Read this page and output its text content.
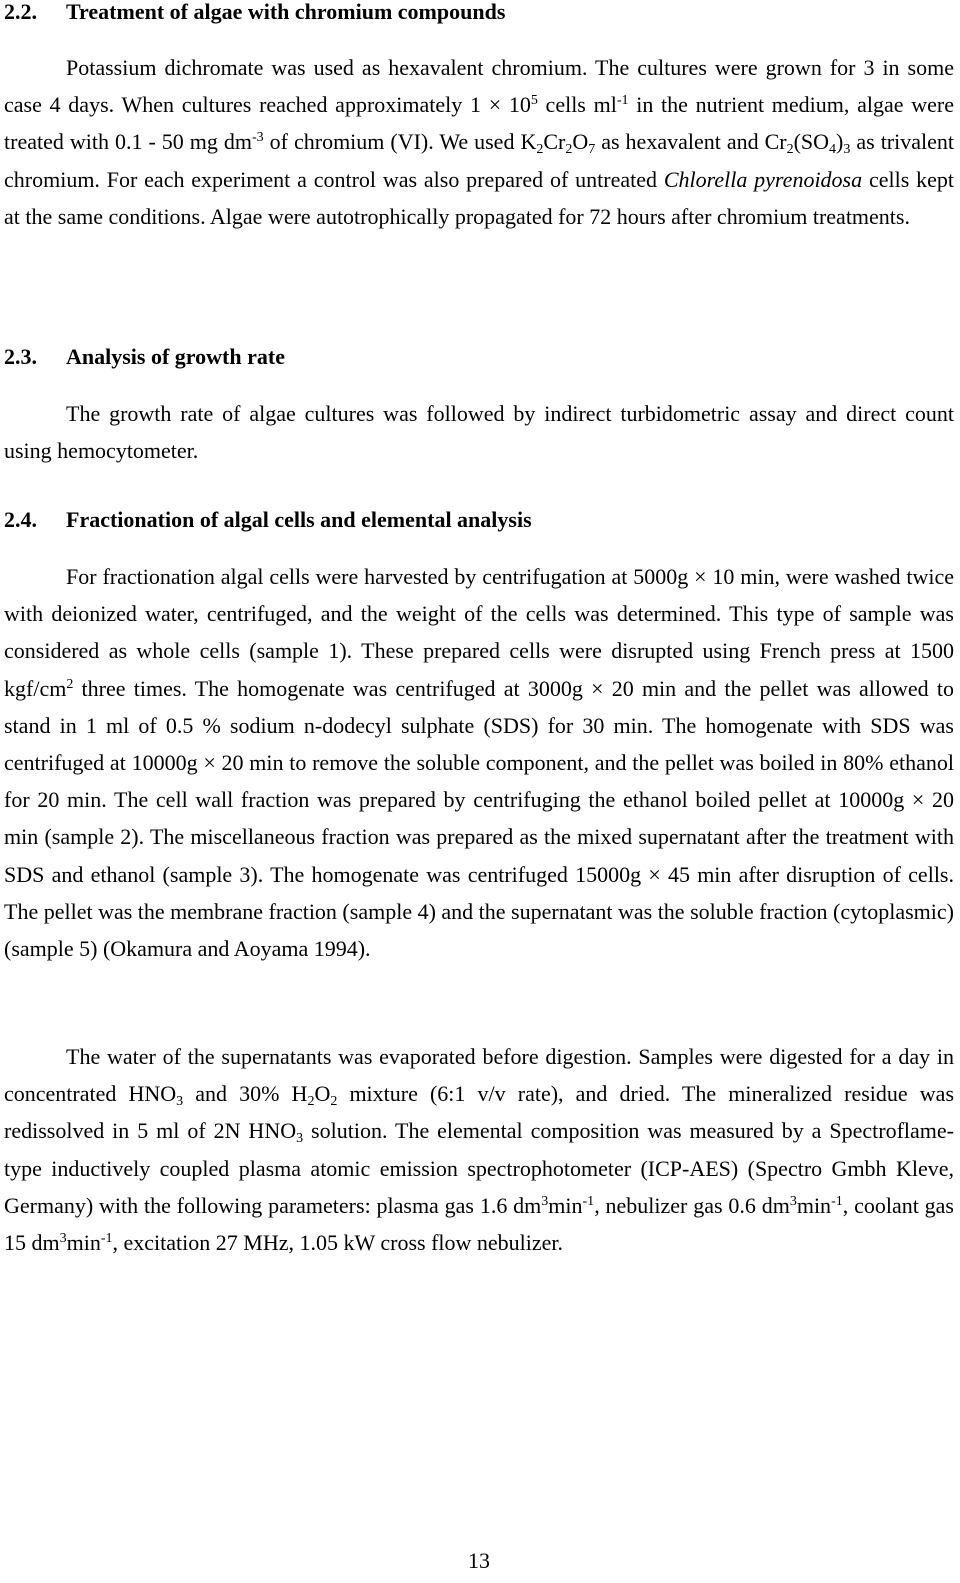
2.2. Treatment of algae with chromium compounds

Potassium dichromate was used as hexavalent chromium. The cultures were grown for 3 in some case 4 days. When cultures reached approximately $1 \times 10^5$ cells $ml^{-1}$ in the nutrient medium, algae were treated with 0.1 - 50 mg $dm^{-3}$ of chromium (VI). We used $K_2Cr_2O_7$ as hexavalent and $Cr_2(SO_4)_3$ as trivalent chromium. For each experiment a control was also prepared of untreated Chlorella pyrenoidosa cells kept at the same conditions. Algae were autotrophically propagated for 72 hours after chromium treatments.

2.3. Analysis of growth rate

The growth rate of algae cultures was followed by indirect turbidometric assay and direct count using hemocytometer.

2.4. Fractionation of algal cells and elemental analysis

For fractionation algal cells were harvested by centrifugation at 5000g × 10 min, were washed twice with deionized water, centrifuged, and the weight of the cells was determined. This type of sample was considered as whole cells (sample 1). These prepared cells were disrupted using French press at 1500 kgf/$cm^2$ three times. The homogenate was centrifuged at 3000g × 20 min and the pellet was allowed to stand in 1 ml of 0.5 % sodium n-dodecyl sulphate (SDS) for 30 min. The homogenate with SDS was centrifuged at 10000g × 20 min to remove the soluble component, and the pellet was boiled in 80% ethanol for 20 min. The cell wall fraction was prepared by centrifuging the ethanol boiled pellet at 10000g × 20 min (sample 2). The miscellaneous fraction was prepared as the mixed supernatant after the treatment with SDS and ethanol (sample 3). The homogenate was centrifuged 15000g × 45 min after disruption of cells. The pellet was the membrane fraction (sample 4) and the supernatant was the soluble fraction (cytoplasmic) (sample 5) (Okamura and Aoyama 1994).

The water of the supernatants was evaporated before digestion. Samples were digested for a day in concentrated $HNO_3$ and 30% $H_2O_2$ mixture (6:1 v/v rate), and dried. The mineralized residue was redissolved in 5 ml of 2N $HNO_3$ solution. The elemental composition was measured by a Spectroflame-type inductively coupled plasma atomic emission spectrophotometer (ICP-AES) (Spectro Gmbh Kleve, Germany) with the following parameters: plasma gas 1.6 $dm^3\min^{-1}$, nebulizer gas 0.6 $dm^3\min^{-1}$, coolant gas 15 $dm^3\min^{-1}$, excitation 27 MHz, 1.05 kW cross flow nebulizer.

13
